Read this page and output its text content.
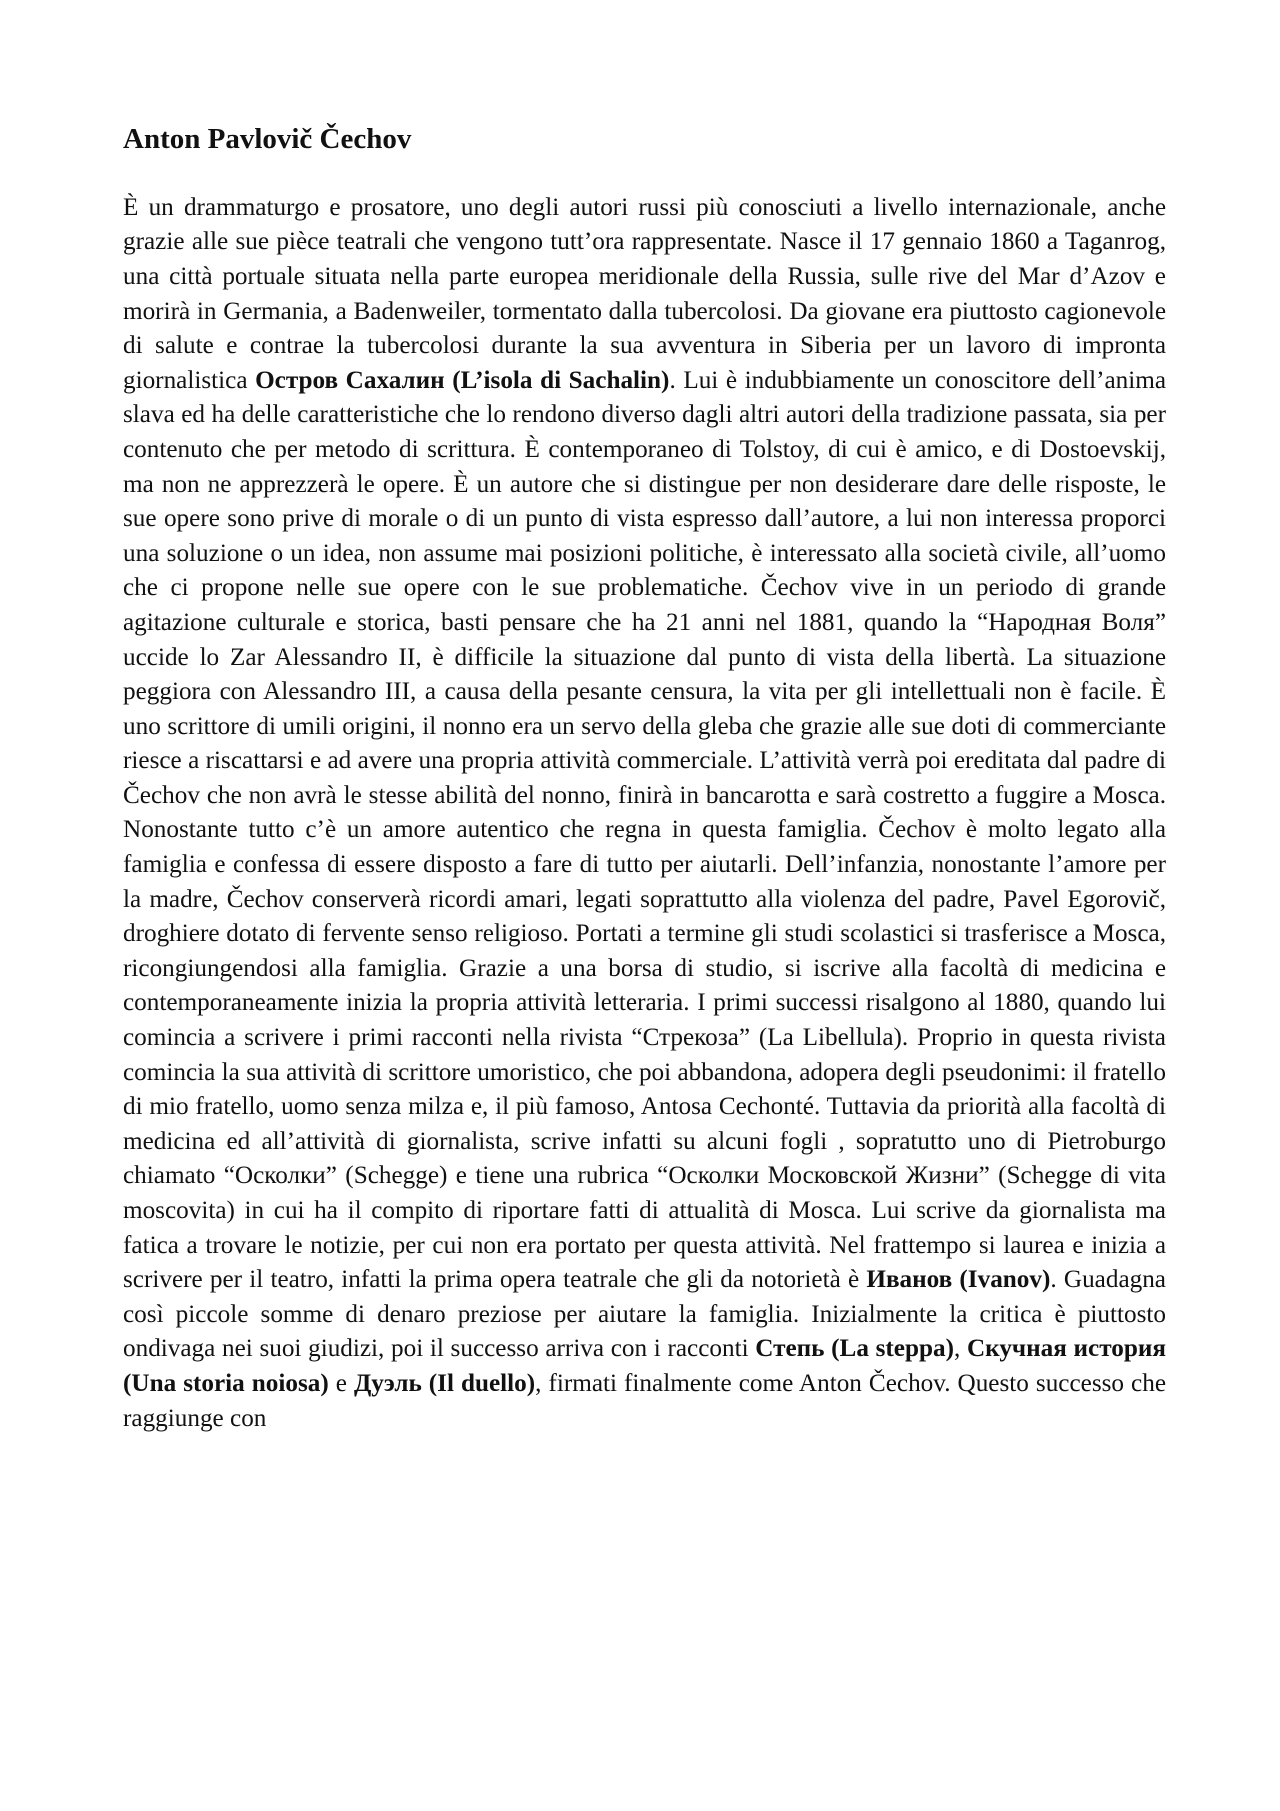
Anton Pavlovič Čechov

È un drammaturgo e prosatore, uno degli autori russi più conosciuti a livello internazionale, anche grazie alle sue pièce teatrali che vengono tutt’ora rappresentate. Nasce il 17 gennaio 1860 a Taganrog, una città portuale situata nella parte europea meridionale della Russia, sulle rive del Mar d’Azov e morirà in Germania, a Badenweiler, tormentato dalla tubercolosi. Da giovane era piuttosto cagionevole di salute e contrae la tubercolosi durante la sua avventura in Siberia per un lavoro di impronta giornalistica Остров Сахалин (L’isola di Sachalin). Lui è indubbiamente un conoscitore dell’anima slava ed ha delle caratteristiche che lo rendono diverso dagli altri autori della tradizione passata, sia per contenuto che per metodo di scrittura. È contemporaneo di Tolstoy, di cui è amico, e di Dostoevskij, ma non ne apprezzerà le opere. È un autore che si distingue per non desiderare dare delle risposte, le sue opere sono prive di morale o di un punto di vista espresso dall’autore, a lui non interessa proporci una soluzione o un idea, non assume mai posizioni politiche, è interessato alla società civile, all’uomo che ci propone nelle sue opere con le sue problematiche. Čechov vive in un periodo di grande agitazione culturale e storica, basti pensare che ha 21 anni nel 1881, quando la “Народная Воля” uccide lo Zar Alessandro II, è difficile la situazione dal punto di vista della libertà. La situazione peggiora con Alessandro III, a causa della pesante censura, la vita per gli intellettuali non è facile. È uno scrittore di umili origini, il nonno era un servo della gleba che grazie alle sue doti di commerciante riesce a riscattarsi e ad avere una propria attività commerciale. L’attività verrà poi ereditata dal padre di Čechov che non avrà le stesse abilità del nonno, finirà in bancarotta e sarà costretto a fuggire a Mosca. Nonostante tutto c’è un amore autentico che regna in questa famiglia. Čechov è molto legato alla famiglia e confessa di essere disposto a fare di tutto per aiutarli. Dell’infanzia, nonostante l’amore per la madre, Čechov conserverà ricordi amari, legati soprattutto alla violenza del padre, Pavel Egorovič, droghiere dotato di fervente senso religioso. Portati a termine gli studi scolastici si trasferisce a Mosca, ricongiungendosi alla famiglia. Grazie a una borsa di studio, si iscrive alla facoltà di medicina e contemporaneamente inizia la propria attività letteraria. I primi successi risalgono al 1880, quando lui comincia a scrivere i primi racconti nella rivista “Стрекоза” (La Libellula). Proprio in questa rivista comincia la sua attività di scrittore umoristico, che poi abbandona, adopera degli pseudonimi: il fratello di mio fratello, uomo senza milza e, il più famoso, Antosa Cechonté. Tuttavia da priorità alla facoltà di medicina ed all’attività di giornalista, scrive infatti su alcuni fogli , sopratutto uno di Pietroburgo chiamato “Осколки” (Schegge) e tiene una rubrica “Осколки Московской Жизни” (Schegge di vita moscovita) in cui ha il compito di riportare fatti di attualità di Mosca. Lui scrive da giornalista ma fatica a trovare le notizie, per cui non era portato per questa attività. Nel frattempo si laurea e inizia a scrivere per il teatro, infatti la prima opera teatrale che gli da notorietà è Иванов (Ivanov). Guadagna così piccole somme di denaro preziose per aiutare la famiglia. Inizialmente la critica è piuttosto ondivaga nei suoi giudizi, poi il successo arriva con i racconti Степь (La steppa), Скучная история (Una storia noiosa) e Дуэль (Il duello), firmati finalmente come Anton Čechov. Questo successo che raggiunge con
